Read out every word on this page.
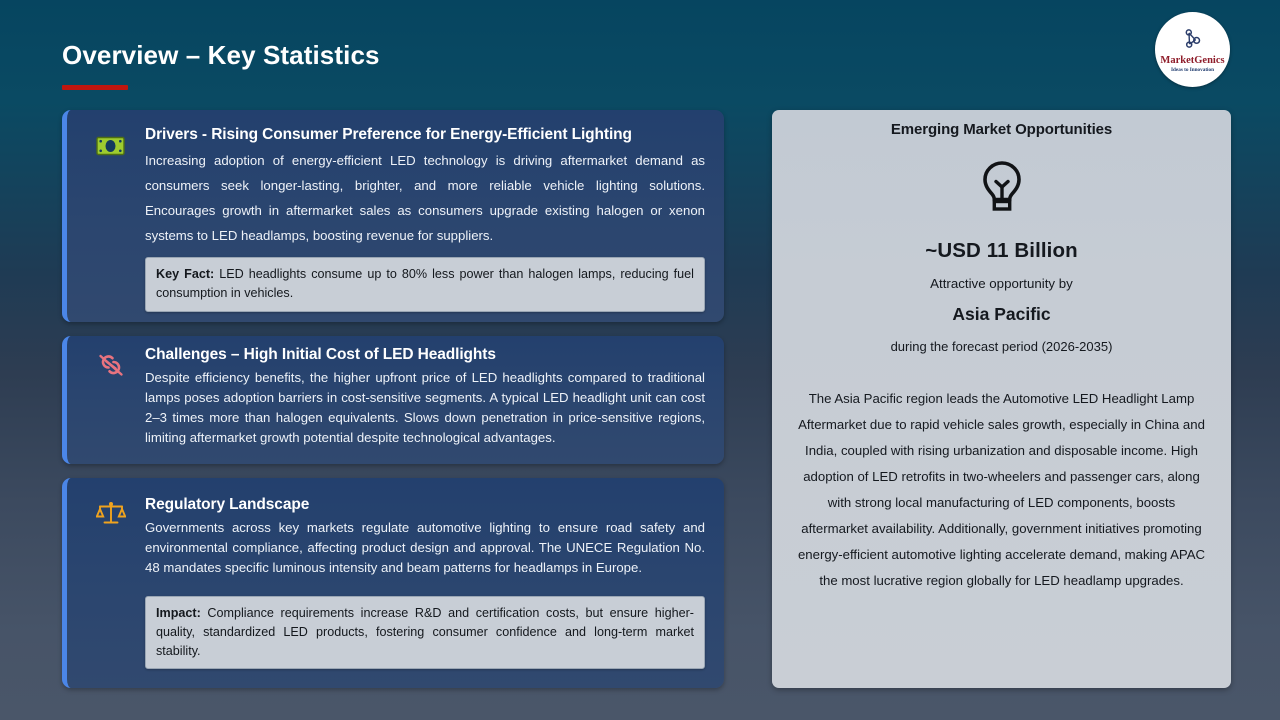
Overview – Key Statistics	MarketGenics
Ideas to Innovation
Drivers - Rising Consumer Preference for Energy-Efficient Lighting

Increasing adoption of energy-efficient LED technology is driving aftermarket demand as consumers seek longer-lasting, brighter, and more reliable vehicle lighting solutions. Encourages growth in aftermarket sales as consumers upgrade existing halogen or xenon systems to LED headlamps, boosting revenue for suppliers.

Key Fact: LED headlights consume up to 80% less power than halogen lamps, reducing fuel consumption in vehicles.
Challenges – High Initial Cost of LED Headlights

Despite efficiency benefits, the higher upfront price of LED headlights compared to traditional lamps poses adoption barriers in cost-sensitive segments. A typical LED headlight unit can cost 2–3 times more than halogen equivalents. Slows down penetration in price-sensitive regions, limiting aftermarket growth potential despite technological advantages.

Regulatory Landscape

Governments across key markets regulate automotive lighting to ensure road safety and environmental compliance, affecting product design and approval. The UNECE Regulation No. 48 mandates specific luminous intensity and beam patterns for headlamps in Europe.

Impact: Compliance requirements increase R&D and certification costs, but ensure higher-quality, standardized LED products, fostering consumer confidence and long-term market stability.
Emerging Market Opportunities
~USD 11 Billion
Attractive opportunity by
Asia Pacific
during the forecast period (2026-2035)
The Asia Pacific region leads the Automotive LED Headlight Lamp Aftermarket due to rapid vehicle sales growth, especially in China and India, coupled with rising urbanization and disposable income. High adoption of LED retrofits in two-wheelers and passenger cars, along with strong local manufacturing of LED components, boosts aftermarket availability. Additionally, government initiatives promoting energy-efficient automotive lighting accelerate demand, making APAC the most lucrative region globally for LED headlamp upgrades.
